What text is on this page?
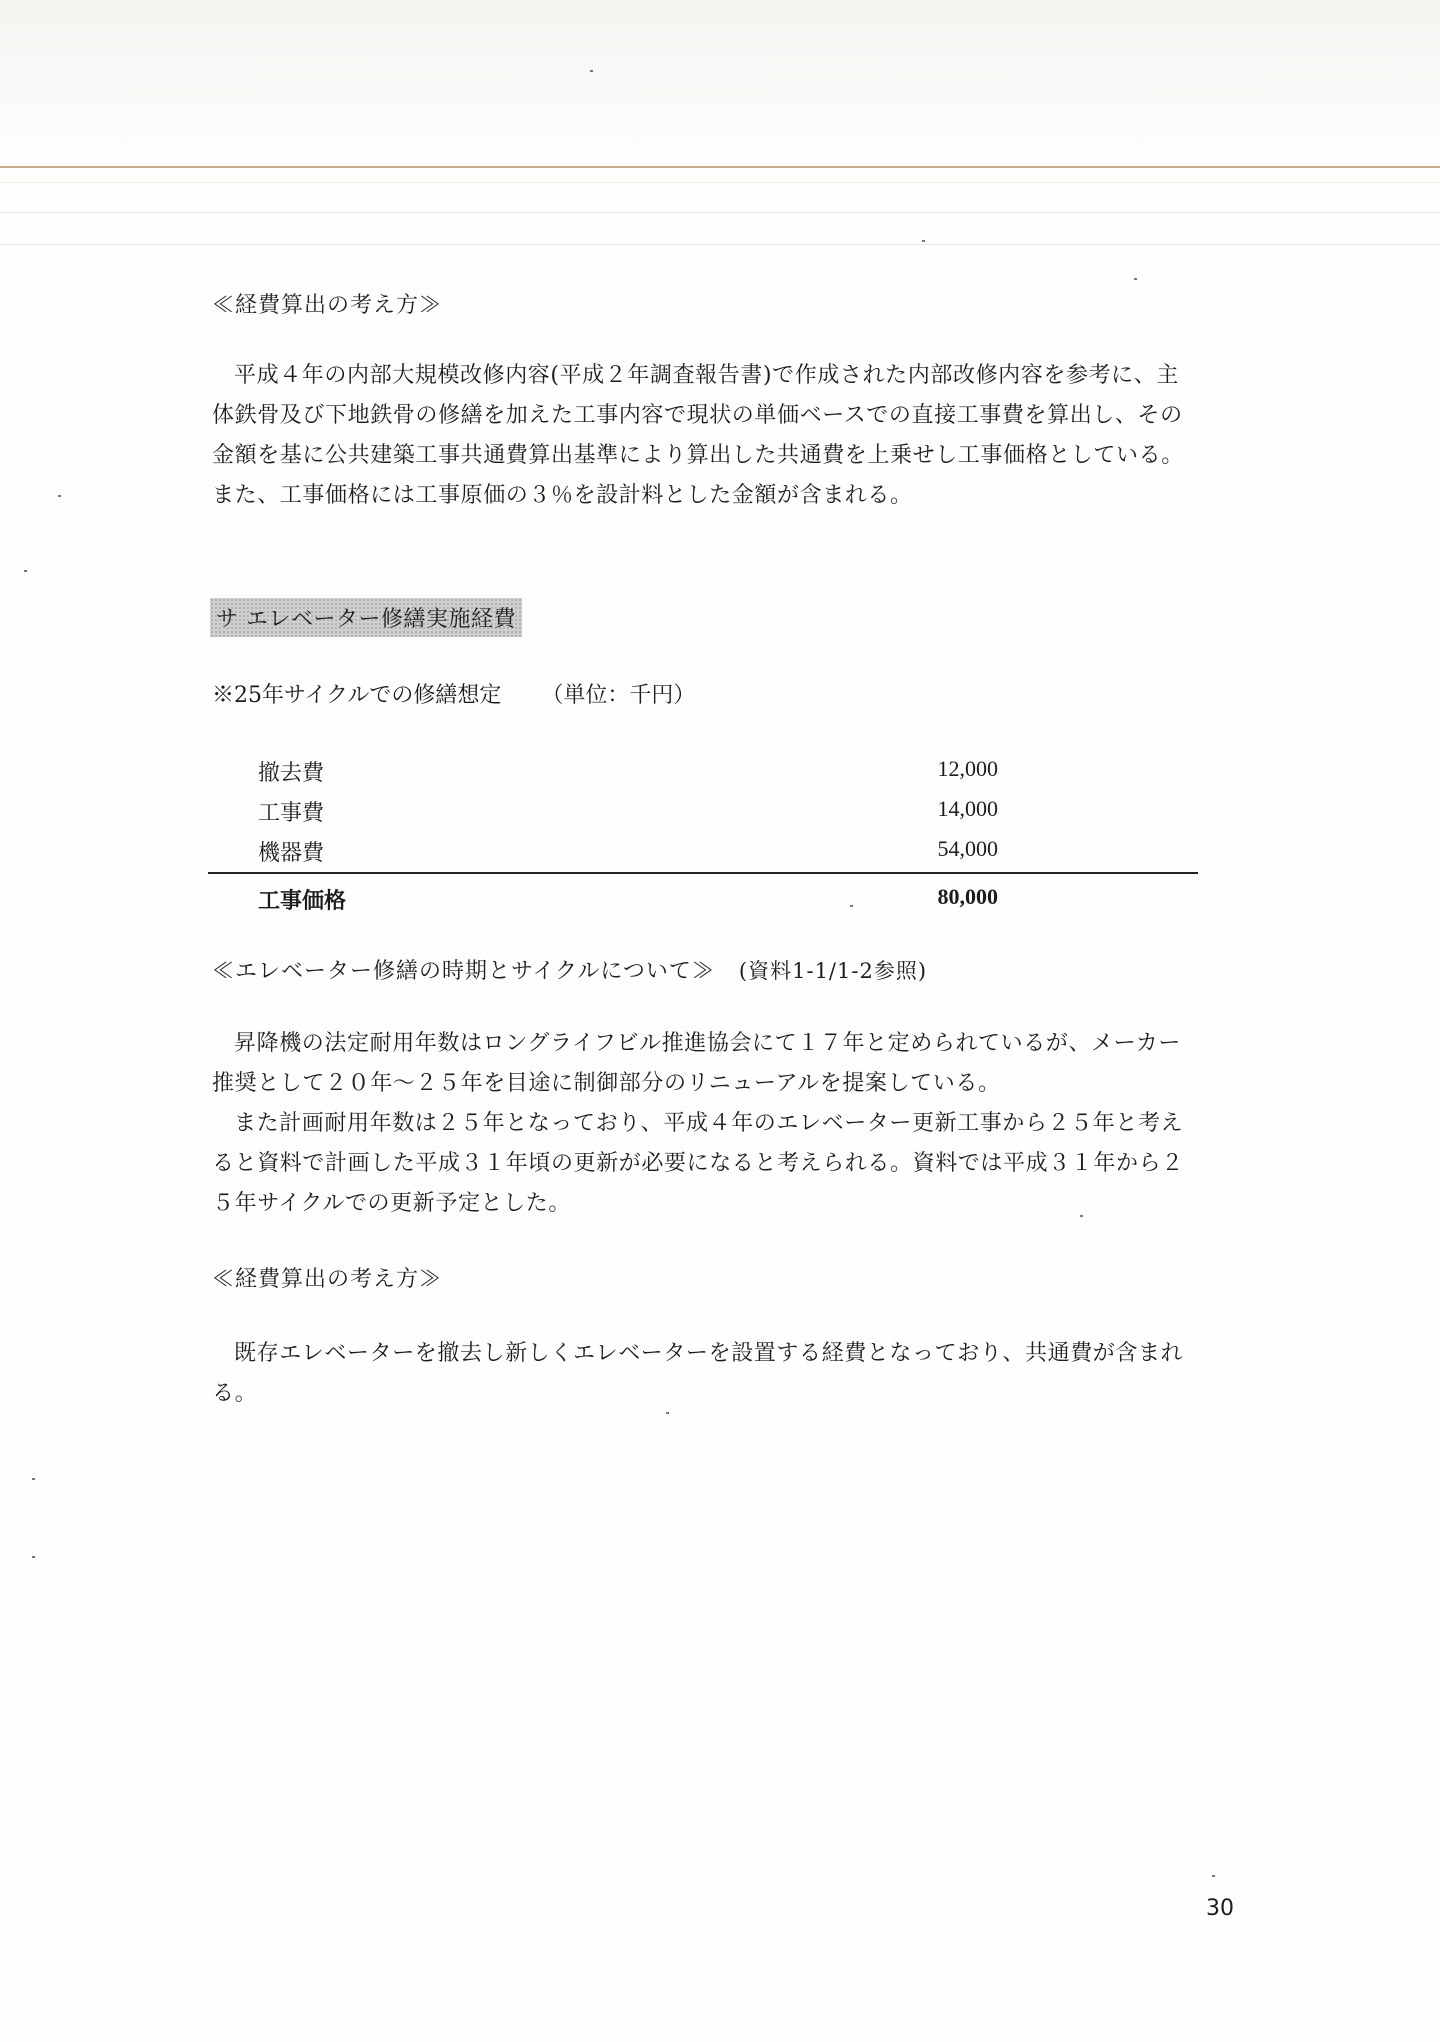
≪経費算出の考え方≫

平成４年の内部大規模改修内容(平成２年調査報告書)で作成された内部改修内容を参考に、主体鉄骨及び下地鉄骨の修繕を加えた工事内容で現状の単価ベースでの直接工事費を算出し、その金額を基に公共建築工事共通費算出基準により算出した共通費を上乗せし工事価格としている。また、工事価格には工事原価の３％を設計料とした金額が含まれる。

サ エレベーター修繕実施経費
※25年サイクルでの修繕想定 （単位：千円）
撤去費	12,000
工事費	14,000
機器費	54,000
工事価格	80,000
≪エレベーター修繕の時期とサイクルについて≫ (資料1-1/1-2参照)

昇降機の法定耐用年数はロングライフビル推進協会にて１７年と定められているが、メーカー推奨として２０年～２５年を目途に制御部分のリニューアルを提案している。

また計画耐用年数は２５年となっており、平成４年のエレベーター更新工事から２５年と考えると資料で計画した平成３１年頃の更新が必要になると考えられる。資料では平成３１年から２５年サイクルでの更新予定とした。

≪経費算出の考え方≫

既存エレベーターを撤去し新しくエレベーターを設置する経費となっており、共通費が含まれる。

30
